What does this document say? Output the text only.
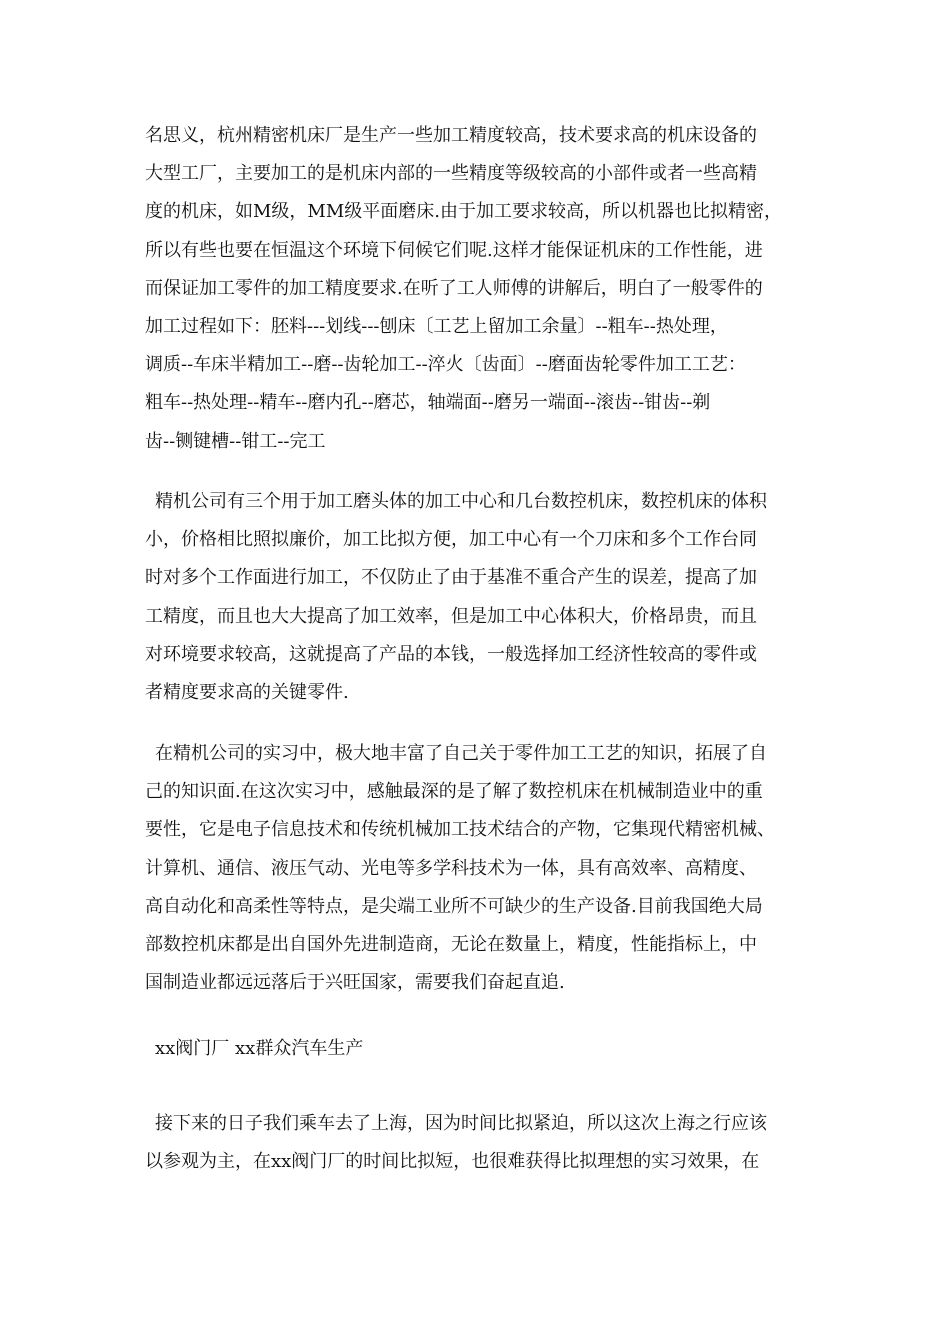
名思义，杭州精密机床厂是生产一些加工精度较高，技术要求高的机床设备的
大型工厂，主要加工的是机床内部的一些精度等级较高的小部件或者一些高精
度的机床，如M级，MM级平面磨床.由于加工要求较高，所以机器也比拟精密，
所以有些也要在恒温这个环境下伺候它们呢.这样才能保证机床的工作性能，进
而保证加工零件的加工精度要求.在听了工人师傅的讲解后，明白了一般零件的
加工过程如下：胚料---划线---刨床〔工艺上留加工余量〕--粗车--热处理，
调质--车床半精加工--磨--齿轮加工--淬火〔齿面〕--磨面齿轮零件加工工艺：
粗车--热处理--精车--磨内孔--磨芯，轴端面--磨另一端面--滚齿--钳齿--剃
齿--铡键槽--钳工--完工
精机公司有三个用于加工磨头体的加工中心和几台数控机床，数控机床的体积
小，价格相比照拟廉价，加工比拟方便，加工中心有一个刀床和多个工作台同
时对多个工作面进行加工，不仅防止了由于基准不重合产生的误差，提高了加
工精度，而且也大大提高了加工效率，但是加工中心体积大，价格昂贵，而且
对环境要求较高，这就提高了产品的本钱，一般选择加工经济性较高的零件或
者精度要求高的关键零件.
在精机公司的实习中，极大地丰富了自己关于零件加工工艺的知识，拓展了自
己的知识面.在这次实习中，感触最深的是了解了数控机床在机械制造业中的重
要性，它是电子信息技术和传统机械加工技术结合的产物，它集现代精密机械、
计算机、通信、液压气动、光电等多学科技术为一体，具有高效率、高精度、
高自动化和高柔性等特点，是尖端工业所不可缺少的生产设备.目前我国绝大局
部数控机床都是出自国外先进制造商，无论在数量上，精度，性能指标上，中
国制造业都远远落后于兴旺国家，需要我们奋起直追.
xx阀门厂 xx群众汽车生产
接下来的日子我们乘车去了上海，因为时间比拟紧迫，所以这次上海之行应该
以参观为主，在xx阀门厂的时间比拟短，也很难获得比拟理想的实习效果，在
